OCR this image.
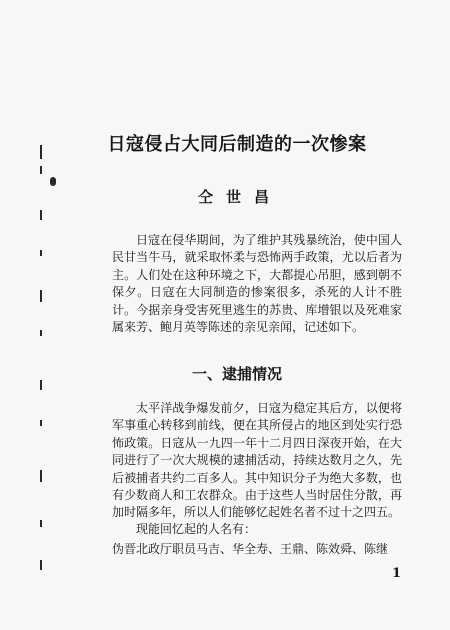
日寇侵占大同后制造的一次惨案
仝世昌

日寇在侵华期间，为了维护其残暴统治，使中国人民甘当牛马，就采取怀柔与恐怖两手政策，尤以后者为主。人们处在这种环境之下，大都提心吊胆，感到朝不保夕。日寇在大同制造的惨案很多，杀死的人计不胜计。今据亲身受害死里逃生的苏贵、库增银以及死难家属来芳、鲍月英等陈述的亲见亲闻，记述如下。

一、逮捕情况

太平洋战争爆发前夕，日寇为稳定其后方，以便将军事重心转移到前线，便在其所侵占的地区到处实行恐怖政策。日寇从一九四一年十二月四日深夜开始，在大同进行了一次大规模的逮捕活动，持续达数月之久，先后被捕者共约二百多人。其中知识分子为绝大多数，也有少数商人和工农群众。由于这些人当时居住分散，再加时隔多年，所以人们能够忆起姓名者不过十之四五。

现能回忆起的人名有：

伪晋北政厅职员马吉、华全寿、王鼎、陈效舜、陈继

1
